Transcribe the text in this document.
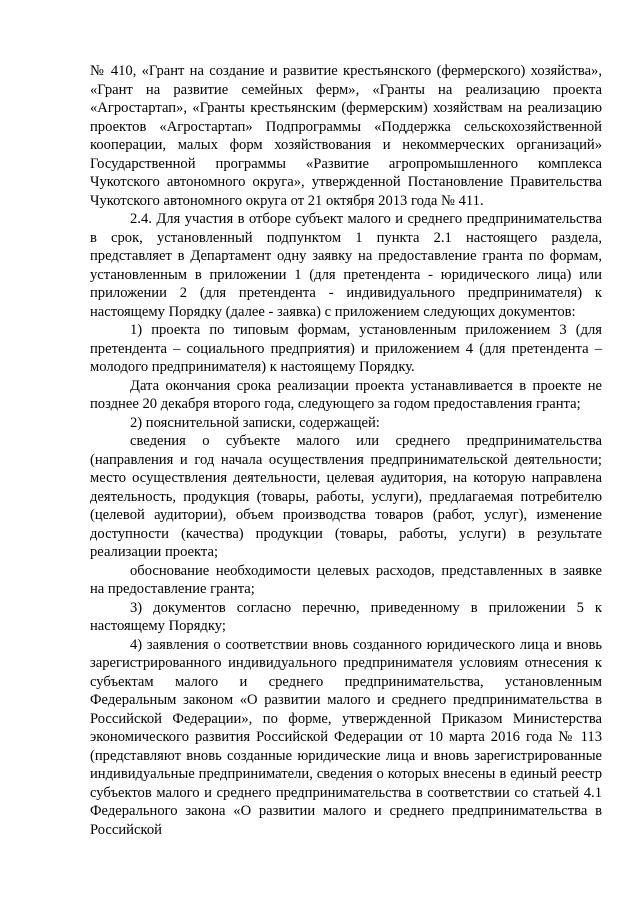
№ 410, «Грант на создание и развитие крестьянского (фермерского) хозяйства», «Грант на развитие семейных ферм», «Гранты на реализацию проекта «Агростартап», «Гранты крестьянским (фермерским) хозяйствам на реализацию проектов «Агростартап» Подпрограммы «Поддержка сельскохозяйственной кооперации, малых форм хозяйствования и некоммерческих организаций» Государственной программы «Развитие агропромышленного комплекса Чукотского автономного округа», утвержденной Постановление Правительства Чукотского автономного округа от 21 октября 2013 года № 411.

2.4. Для участия в отборе субъект малого и среднего предпринимательства в срок, установленный подпунктом 1 пункта 2.1 настоящего раздела, представляет в Департамент одну заявку на предоставление гранта по формам, установленным в приложении 1 (для претендента - юридического лица) или приложении 2 (для претендента - индивидуального предпринимателя) к настоящему Порядку (далее - заявка) с приложением следующих документов:

1) проекта по типовым формам, установленным приложением 3 (для претендента – социального предприятия) и приложением 4 (для претендента – молодого предпринимателя) к настоящему Порядку.

Дата окончания срока реализации проекта устанавливается в проекте не позднее 20 декабря второго года, следующего за годом предоставления гранта;

2) пояснительной записки, содержащей:

сведения о субъекте малого или среднего предпринимательства (направления и год начала осуществления предпринимательской деятельности; место осуществления деятельности, целевая аудитория, на которую направлена деятельность, продукция (товары, работы, услуги), предлагаемая потребителю (целевой аудитории), объем производства товаров (работ, услуг), изменение доступности (качества) продукции (товары, работы, услуги) в результате реализации проекта;

обоснование необходимости целевых расходов, представленных в заявке на предоставление гранта;

3) документов согласно перечню, приведенному в приложении 5 к настоящему Порядку;

4) заявления о соответствии вновь созданного юридического лица и вновь зарегистрированного индивидуального предпринимателя условиям отнесения к субъектам малого и среднего предпринимательства, установленным Федеральным законом «О развитии малого и среднего предпринимательства в Российской Федерации», по форме, утвержденной Приказом Министерства экономического развития Российской Федерации от 10 марта 2016 года № 113 (представляют вновь созданные юридические лица и вновь зарегистрированные индивидуальные предприниматели, сведения о которых внесены в единый реестр субъектов малого и среднего предпринимательства в соответствии со статьей 4.1 Федерального закона «О развитии малого и среднего предпринимательства в Российской
